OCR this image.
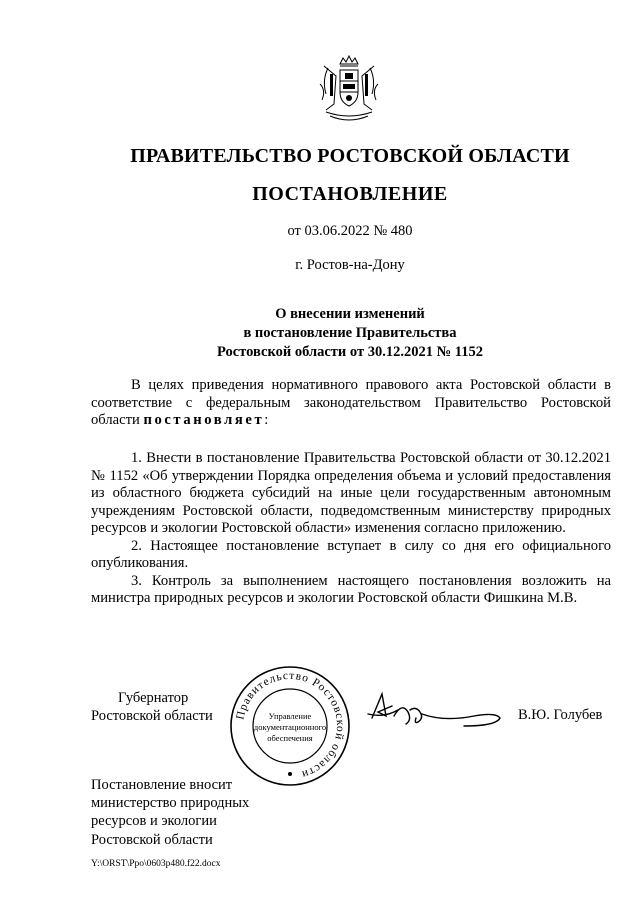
ПРАВИТЕЛЬСТВО РОСТОВСКОЙ ОБЛАСТИ
ПОСТАНОВЛЕНИЕ
от 03.06.2022 № 480
г. Ростов-на-Дону
О внесении изменений
в постановление Правительства
Ростовской области от 30.12.2021 № 1152

В целях приведения нормативного правового акта Ростовской области в соответствие с федеральным законодательством Правительство Ростовской области постановляет:

1. Внести в постановление Правительства Ростовской области от 30.12.2021 № 1152 «Об утверждении Порядка определения объема и условий предоставления из областного бюджета субсидий на иные цели государственным автономным учреждениям Ростовской области, подведомственным министерству природных ресурсов и экологии Ростовской области» изменения согласно приложению.

2. Настоящее постановление вступает в силу со дня его официального опубликования.

3. Контроль за выполнением настоящего постановления возложить на министра природных ресурсов и экологии Ростовской области Фишкина М.В.

Губернатор
Ростовской области Правительство Ростовской области
Управление
документационного
обеспечения
В.Ю. Голубев
Постановление вносит
министерство природных
ресурсов и экологии
Ростовской области
Y:\ORST\Ppo\0603p480.f22.docx
